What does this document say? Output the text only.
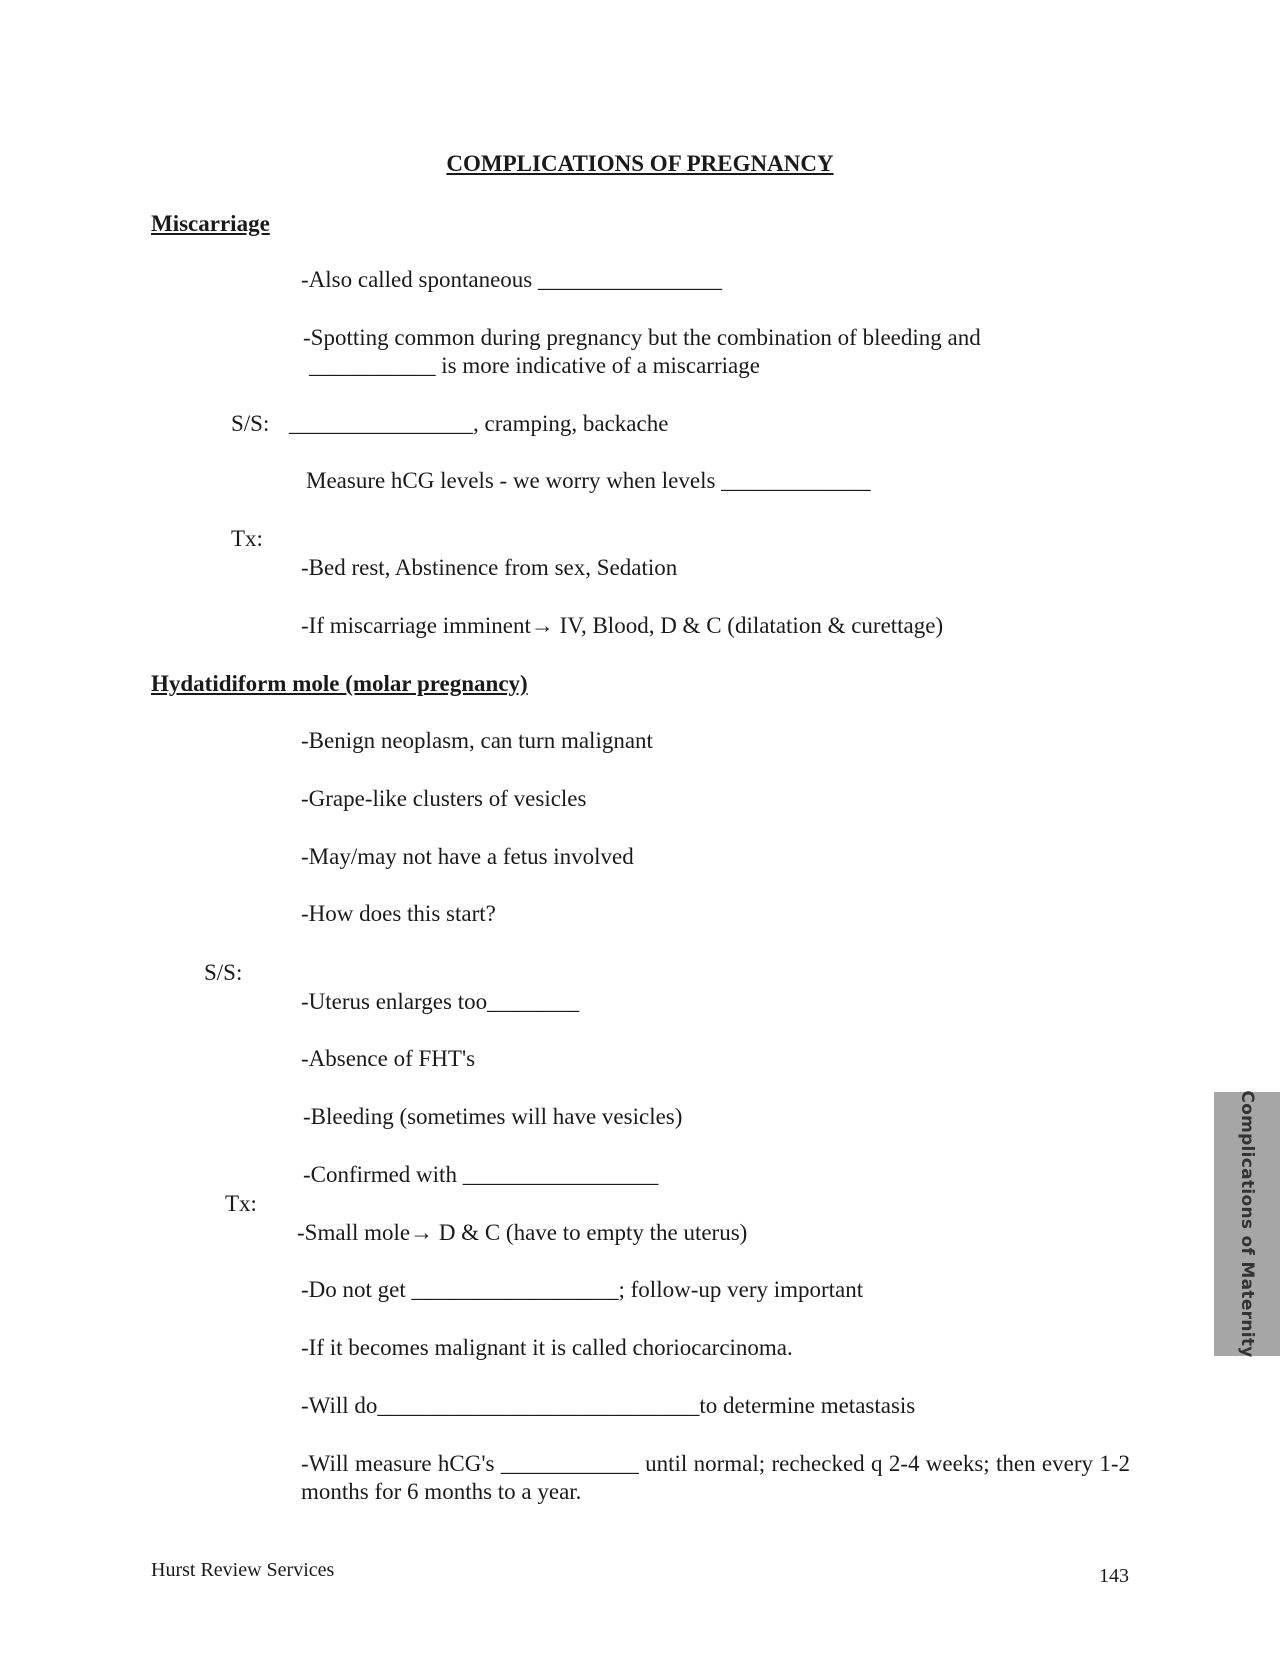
COMPLICATIONS OF PREGNANCY
Miscarriage
-Also called spontaneous ________________
-Spotting common during pregnancy but the combination of bleeding and
___________ is more indicative of a miscarriage
S/S: ________________, cramping, backache
Measure hCG levels - we worry when levels _____________
Tx:
-Bed rest, Abstinence from sex, Sedation
-If miscarriage imminent→ IV, Blood, D & C (dilatation & curettage)
Hydatidiform mole (molar pregnancy)
-Benign neoplasm, can turn malignant
-Grape-like clusters of vesicles
-May/may not have a fetus involved
-How does this start?
S/S:
-Uterus enlarges too________
-Absence of FHT's
-Bleeding (sometimes will have vesicles)
-Confirmed with _________________
Tx:
-Small mole→ D & C (have to empty the uterus)
-Do not get __________________; follow-up very important
-If it becomes malignant it is called choriocarcinoma.
-Will do____________________________to determine metastasis
-Will measure hCG's ____________ until normal; rechecked q 2-4 weeks; then every 1-2 months for 6 months to a year.
Complications of Maternity
Hurst Review Services	143
